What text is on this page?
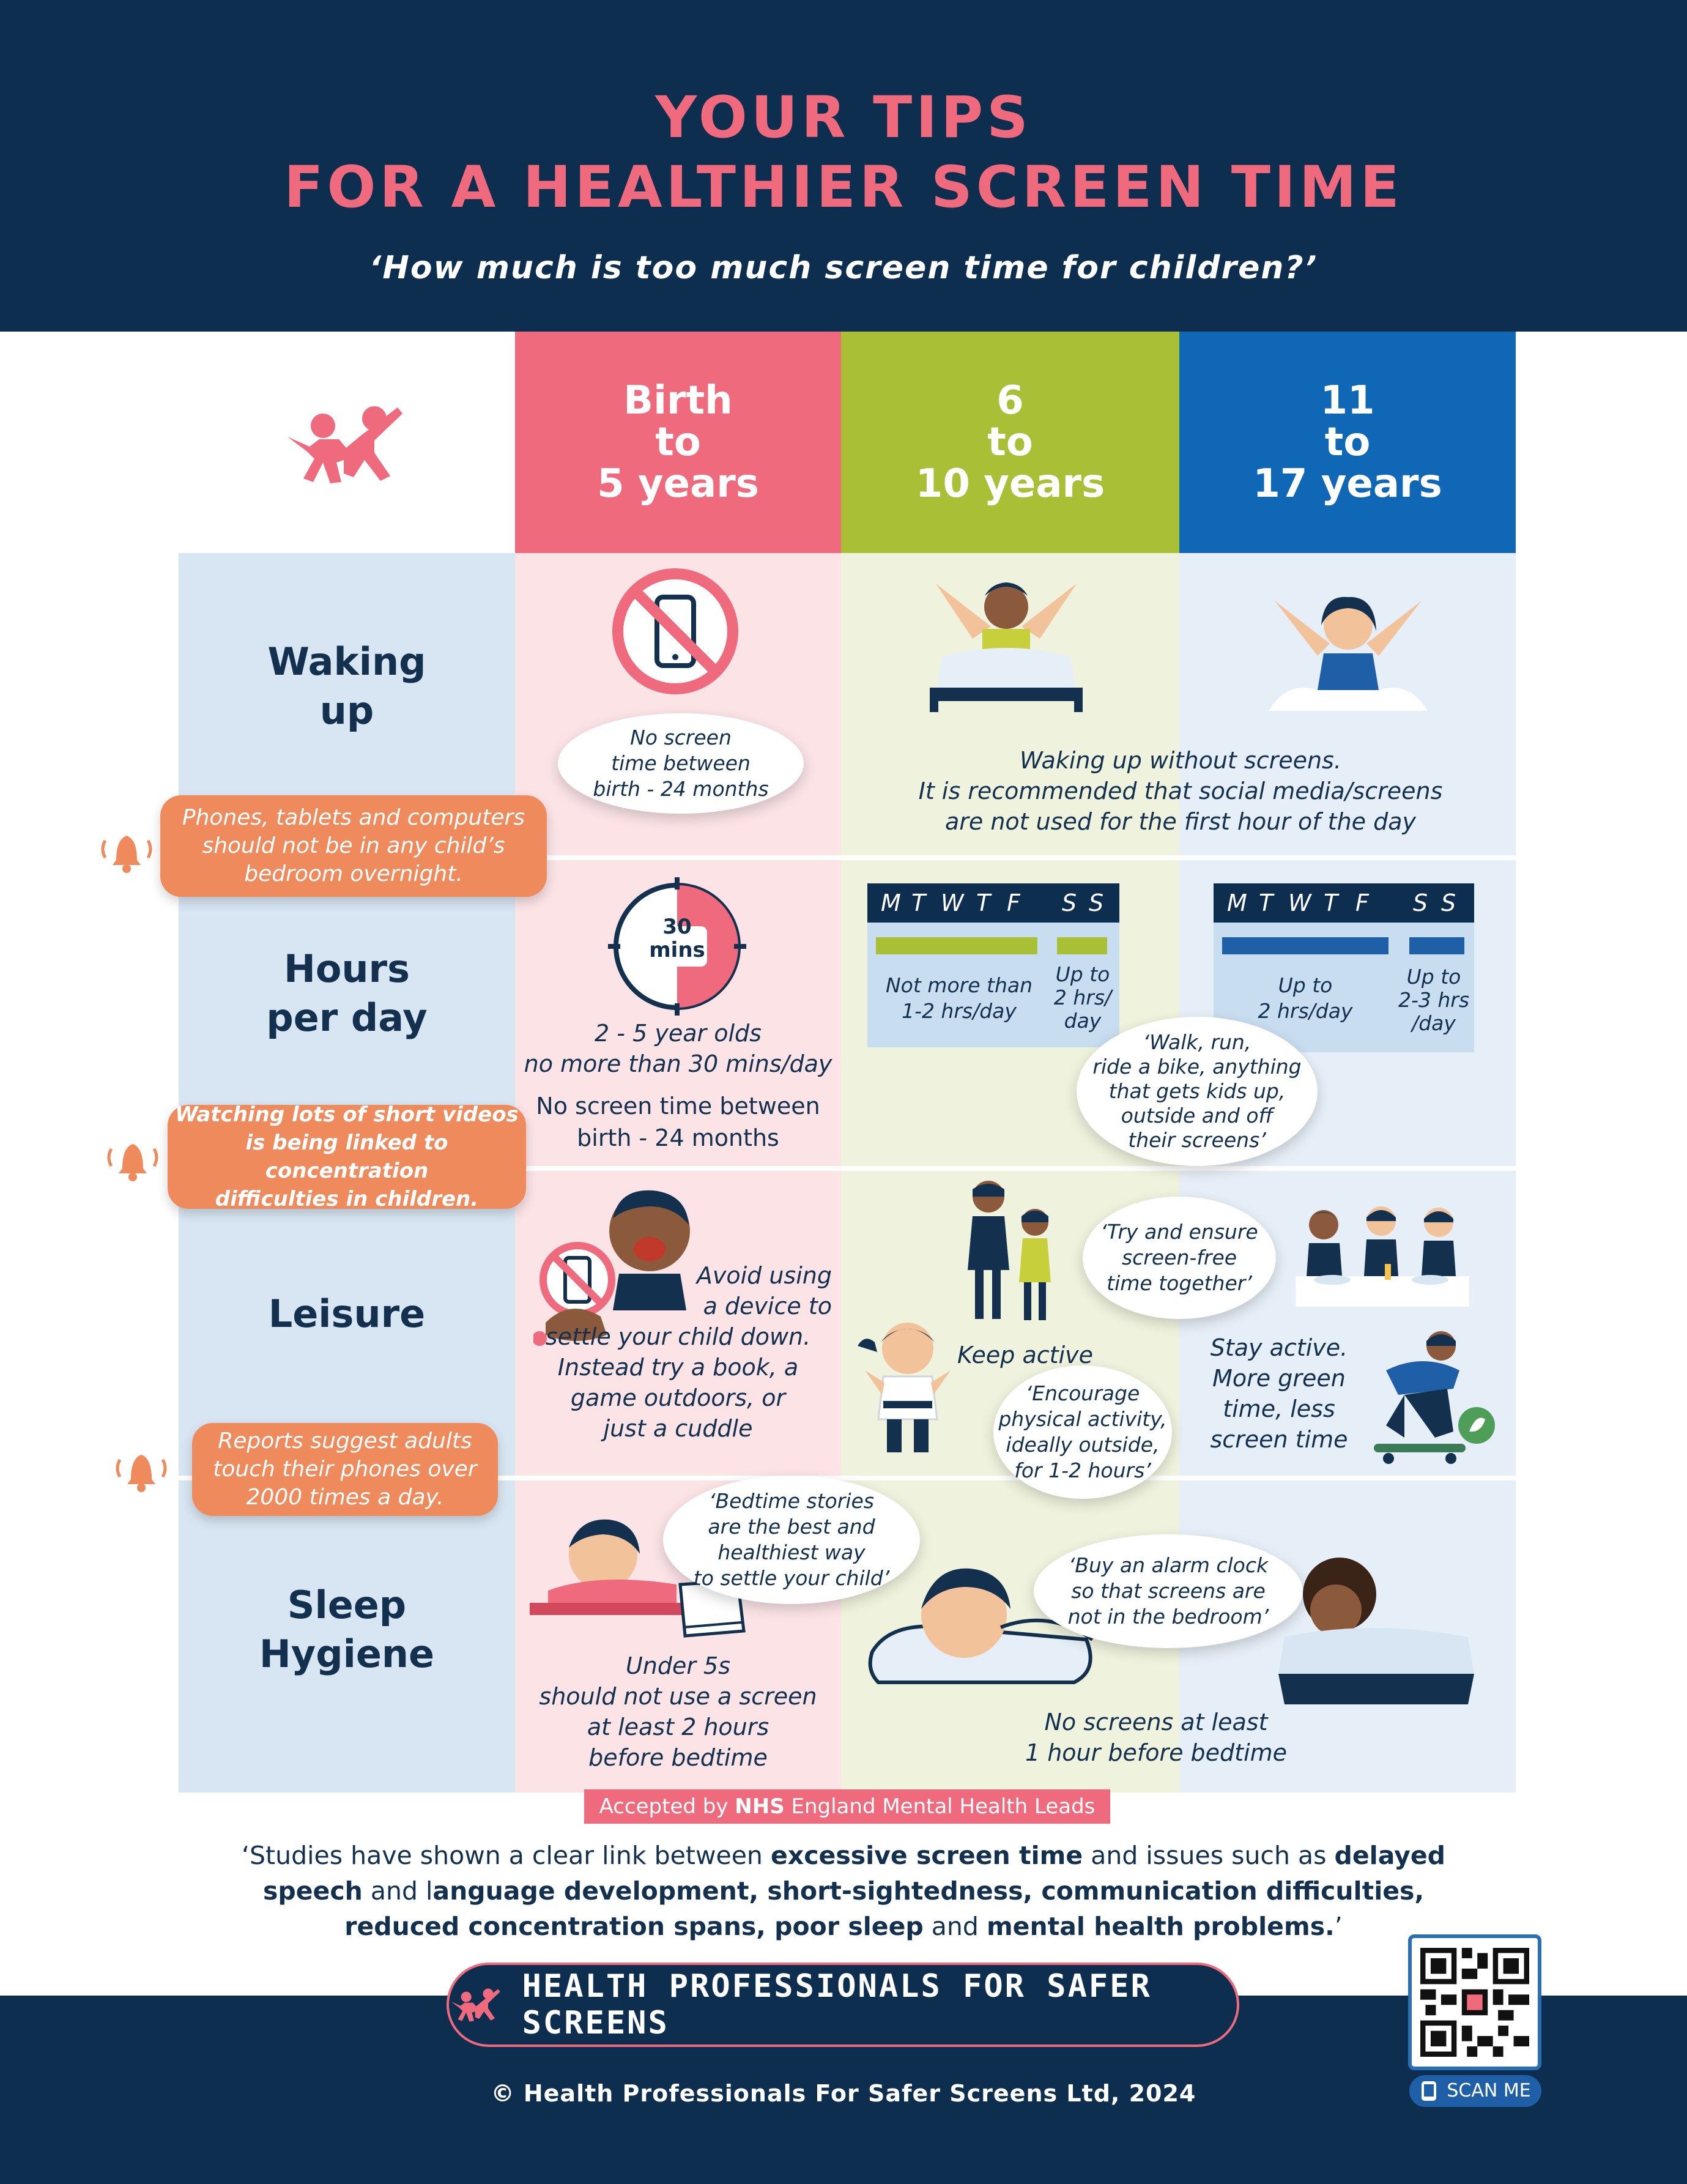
YOUR TIPS
FOR A HEALTHIER SCREEN TIME
‘How much is too much screen time for children?’
Birth
to
5 years
6
to
10 years
11
to
17 years
Waking
up
Hours
per day
Leisure
Sleep
Hygiene
No screen
time between
birth - 24 months
Waking up without screens.
It is recommended that social media/screens
are not used for the first hour of the day
Phones, tablets and computers
should not be in any child’s
bedroom overnight.
30
mins
2 - 5 year olds
no more than 30 mins/day
No screen time between
birth - 24 months
M T W T F S S
Not more than
1-2 hrs/day
Up to
2 hrs/
day
M T W T F S S
Up to
2 hrs/day
Up to
2-3 hrs
/day
‘Walk, run,
ride a bike, anything
that gets kids up,
outside and off
their screens’
Watching lots of short videos
is being linked to concentration
difficulties in children.
Avoid using
a device to
settle your child down.
Instead try a book, a
game outdoors, or
just a cuddle
‘Try and ensure
screen-free
time together’
Keep active
‘Encourage
physical activity,
ideally outside,
for 1-2 hours’
Stay active.
More green
time, less
screen time
Reports suggest adults
touch their phones over
2000 times a day.	‘Bedtime stories
are the best and
healthiest way
to settle your child’
Under 5s
should not use a screen
at least 2 hours
before bedtime
‘Buy an alarm clock
so that screens are
not in the bedroom’
No screens at least
1 hour before bedtime
Accepted by NHS England Mental Health Leads
‘Studies have shown a clear link between excessive screen time and issues such as delayed
speech and language development, short-sightedness, communication difficulties,
reduced concentration spans, poor sleep and mental health problems.’
HEALTH PROFESSIONALS FOR SAFER SCREENS
© Health Professionals For Safer Screens Ltd, 2024	SCAN ME
